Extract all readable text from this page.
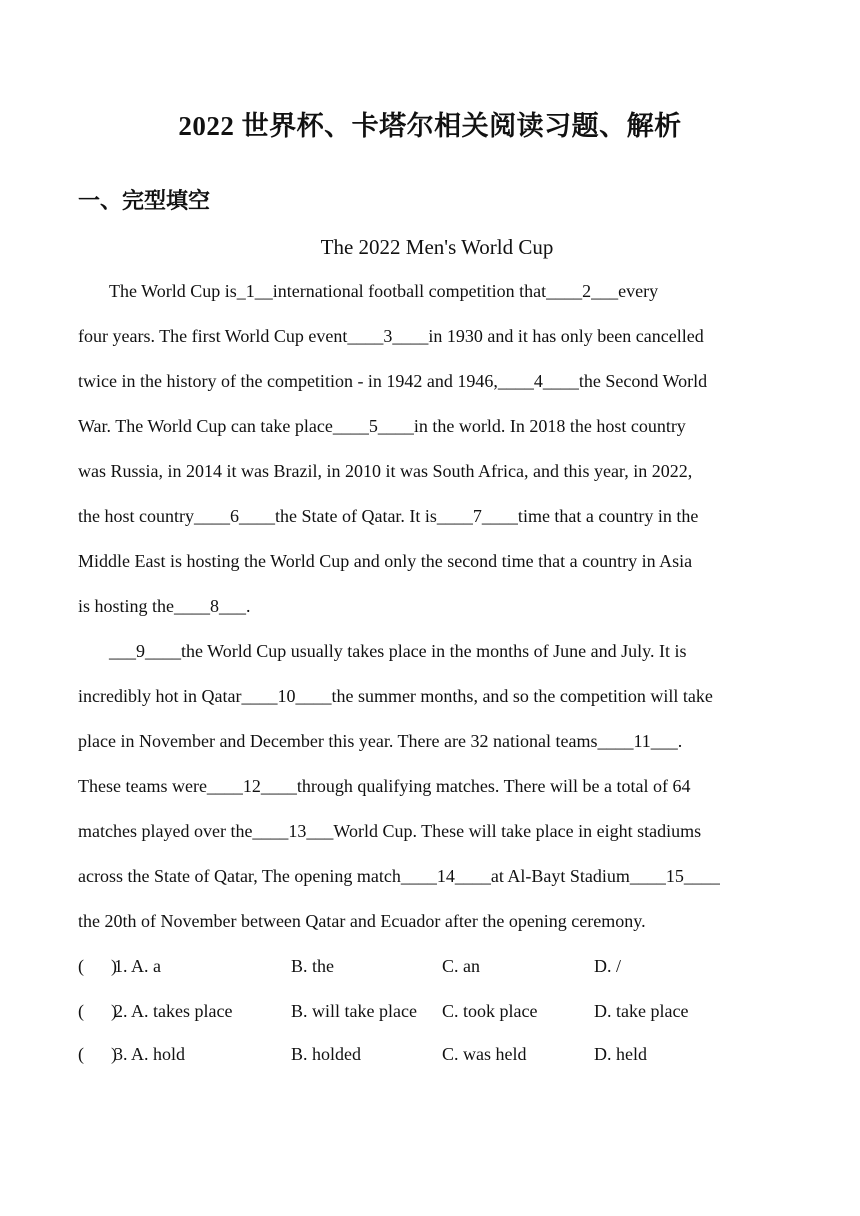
2022 世界杯、卡塔尔相关阅读习题、解析
一、完型填空
The 2022 Men's World Cup
The World Cup is_1__international football competition that____2___every
four years. The first World Cup event____3____in 1930 and it has only been cancelled
twice in the history of the competition - in 1942 and 1946,____4____the Second World
War. The World Cup can take place____5____in the world. In 2018 the host country
was Russia, in 2014 it was Brazil, in 2010 it was South Africa, and this year, in 2022,
the host country____6____the State of Qatar. It is____7____time that a country in the
Middle East is hosting the World Cup and only the second time that a country in Asia
is hosting the____8___.
___9____the World Cup usually takes place in the months of June and July. It is
incredibly hot in Qatar____10____the summer months, and so the competition will take
place in November and December this year. There are 32 national teams____11___.
These teams were____12____through qualifying matches. There will be a total of 64
matches played over the____13___World Cup. These will take place in eight stadiums
across the State of Qatar, The opening match____14____at Al-Bayt Stadium____15____
the 20th of November between Qatar and Ecuador after the opening ceremony.
(      )
1. A. a	B. the	C. an	D. /
(      )
2. A. takes place	B. will take place C. took place	D. take place
(      )
3. A. hold	B. holded	C. was held	D. held
